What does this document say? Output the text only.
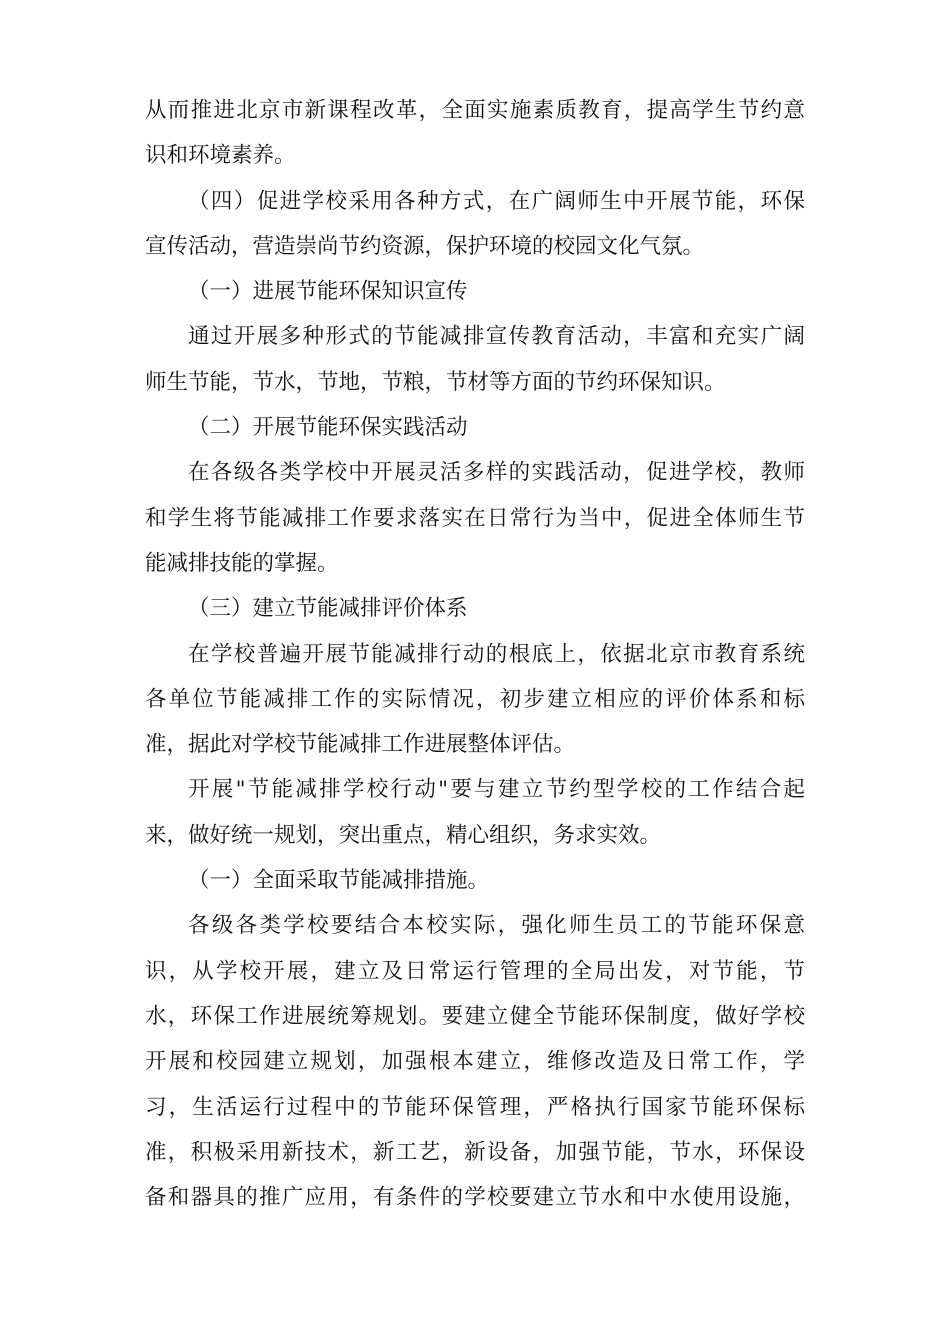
从而推进北京市新课程改革，全面实施素质教育，提高学生节约意
识和环境素养。
（四）促进学校采用各种方式，在广阔师生中开展节能，环保
宣传活动，营造崇尚节约资源，保护环境的校园文化气氛。
（一）进展节能环保知识宣传
通过开展多种形式的节能减排宣传教育活动，丰富和充实广阔
师生节能，节水，节地，节粮，节材等方面的节约环保知识。
（二）开展节能环保实践活动
在各级各类学校中开展灵活多样的实践活动，促进学校，教师
和学生将节能减排工作要求落实在日常行为当中，促进全体师生节
能减排技能的掌握。
（三）建立节能减排评价体系
在学校普遍开展节能减排行动的根底上，依据北京市教育系统
各单位节能减排工作的实际情况，初步建立相应的评价体系和标
准，据此对学校节能减排工作进展整体评估。
开展"节能减排学校行动"要与建立节约型学校的工作结合起
来，做好统一规划，突出重点，精心组织，务求实效。
（一）全面采取节能减排措施。
各级各类学校要结合本校实际，强化师生员工的节能环保意
识，从学校开展，建立及日常运行管理的全局出发，对节能，节
水，环保工作进展统筹规划。要建立健全节能环保制度，做好学校
开展和校园建立规划，加强根本建立，维修改造及日常工作，学
习，生活运行过程中的节能环保管理，严格执行国家节能环保标
准，积极采用新技术，新工艺，新设备，加强节能，节水，环保设
备和器具的推广应用，有条件的学校要建立节水和中水使用设施，
